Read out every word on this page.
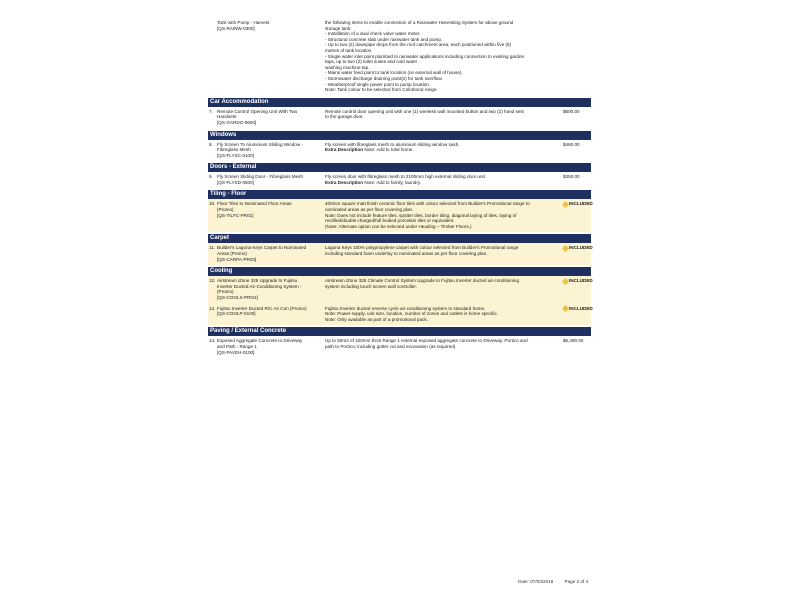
Tank with Pump - Harvest
[QS-RAINW-0300]
the following items to enable connection of a Rainwater Harvesting System for above ground
storage tank:
- Installation of a dual check valve water meter.
- Structural concrete slab under rainwater tank and pump.
- Up to two (2) downpipe drops from the roof catchment area, each positioned within five (5)
metres of tank location.
- Single water inlet point plumbed to rainwater applications including connection to existing garden
taps, up to two (2) toilet suites and cold water
washing machine tap.
- Mains water feed point to tank location (on external wall of house).
- Stormwater discharge draining point(s) for tank overflow.
- Weatherproof single power point to pump location.
Note: Tank colour to be selected from Colorbond range.
Car Accommodation
7. Remote Control Opening Unit With Two
Handsets
[QS-GARDO-9600]
Remote control door opening unit with one (1) wireless wall mounted button and two (2) hand sets
to the garage door.
$600.00
Windows
8. Fly Screen To Aluminium Sliding Window -
Fibreglass Mesh
[QS-FLYSC-0100]
Fly screen with fibreglass mesh to aluminium sliding window sash.
Extra Description Note: Add to total home.
$480.00
Doors - External
9. Fly Screen Sliding Door - Fibreglass Mesh
[QS-FLYSD-0500]
Fly screen door with fibreglass mesh to 2100mm high external sliding door unit.
Extra Description Note: Add to family, laundry.
$350.00
Tiling - Floor
10. Floor Tiles to Nominated Floor Areas
(Promo)
[QS-TILFC-PR01]
400mm square matt finish ceramic floor tiles with colour selected from Builder's Promotional range to
nominated areas as per floor covering plan.
Note: Does not include feature tiles, spotter tiles, border tiling, diagonal laying of tiles, laying of
rectified/double charged/full bodied porcelain tiles or equivalent.
(Note: Alternate option can be selected under Heading – Timber Floors.)
INCLUDED
Carpet
11. Builder's Laguna Keys Carpet to Nominated
Areas (Promo)
[QS-CARPA-PR03]
Laguna Keys 100% polypropylene carpet with colour selected from Builder's Promotional range
including standard foam underlay to nominated areas as per floor covering plan.
INCLUDED
Cooling
12. Airstream iZone 325 Upgrade to Fujitsu
Inverter Ducted Air-Conditioning System -
(Promo)
[QS-COOLX-PRO2]
Airstream iZone 325 Climate Control System Upgrade to Fujitsu Inverter ducted air-conditioning
system including touch screen wall controller.
INCLUDED
13. Fujitsu Inverter Ducted R/C Air Con (Promo)
[QS-COOLP-0100]
Fujitsu Inverter ducted reverse cycle air-conditioning system to standard home.
Note: Power supply, unit size, location, number of zones and outlets is home specific.
Note: Only available as part of a promotional pack.
INCLUDED
Paving / External Concrete
14. Exposed Aggregate Concrete to Driveway
and Path - Range 1
[QS-PAVEH-0100]
Up to 50m2 of 100mm thick Range 1 external exposed aggregate concrete to Driveway, Portico and
path to Portico; including gutter cut and excavation (as required).
$6,490.00
Date: 07/03/2018 Page 2 of 4
